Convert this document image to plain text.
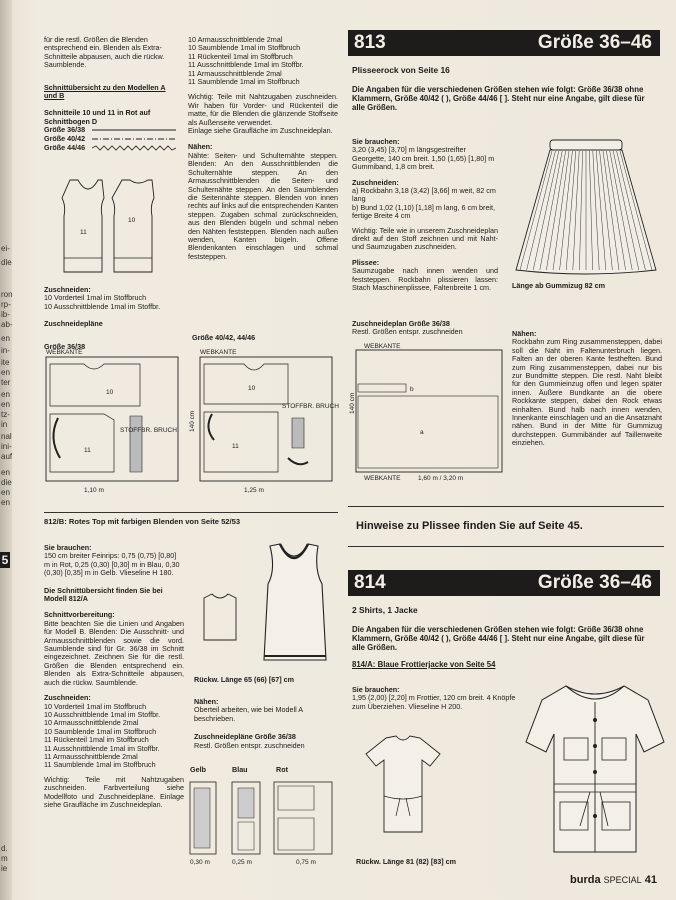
ei-
dle
ron
rp-
ib-
ab-
en
in-
ite
en
ter
en
en
tz-
in
nal
ini-
auf
en
die
en
en
d.
m
ie
5

für die restl. Größen die Blenden entsprechend ein. Blenden als Extra-Schnitteile abpausen, auch die rückw. Saumblende.

Schnittübersicht zu den Modellen A und B

Schnitteile 10 und 11 in Rot auf Schnittbogen D

Größe 36/38
Größe 40/42
Größe 44/46
11
10

Zuschneiden:

10 Vorderteil 1mal im Stoffbruch

10 Ausschnittblende 1mal im Stoffbr.

Zuschneidepläne

Größe 36/38

WEBKANTE
10
11
STOFFBR. BRUCH
1,10 m
Größe 40/42, 44/46
WEBKANTE
10
11
STOFFBR. BRUCH
140 cm
1,25 m

10 Armausschnittblende 2mal

10 Saumblende 1mal im Stoffbruch

11 Rückenteil 1mal im Stoffbruch

11 Ausschnittblende 1mal im Stoffbr.

11 Armausschnittblende 2mal

11 Saumblende 1mal im Stoffbruch

Wichtig: Teile mit Nahtzugaben zuschneiden. Wir haben für Vorder- und Rückenteil die matte, für die Blenden die glänzende Stoffseite als Außenseite verwendet.

Einlage siehe Graufläche im Zuschneideplan.

Nähen:

Nähte: Seiten- und Schulternähte steppen. Blenden: An den Ausschnittblenden die Schulternähte steppen. An den Armausschnittblenden die Seiten- und Schulternähte steppen. An den Saumblenden die Seitennähte steppen. Blenden von innen rechts auf links auf die entsprechenden Kanten steppen. Zugaben schmal zurückschneiden, aus den Blenden bügeln und schmal neben den Nähten feststeppen. Blenden nach außen wenden, Kanten bügeln. Offene Blendenkanten einschlagen und schmal feststeppen.

812/B: Rotes Top mit farbigen Blenden von Seite 52/53

Sie brauchen:

150 cm breiter Feinrips: 0,75 (0,75) [0,80] m in Rot, 0,25 (0,30) [0,30] m in Blau, 0,30 (0,30) [0,35] m in Gelb. Vlieseline H 180.

Die Schnittübersicht finden Sie bei Modell 812/A

Schnittvorbereitung:

Bitte beachten Sie die Linien und Angaben für Modell B. Blenden: Die Ausschnitt- und Armausschnittblenden sowie die vord. Saumblende sind für Gr. 36/38 im Schnitt eingezeichnet. Zeichnen Sie für die restl. Größen die Blenden entsprechend ein. Blenden als Extra-Schnitteile abpausen, auch die rückw. Saumblende.

Zuschneiden:

10 Vorderteil 1mal im Stoffbruch

10 Ausschnittblende 1mal im Stoffbr.

10 Armausschnittblende 2mal

10 Saumblende 1mal im Stoffbruch

11 Rückenteil 1mal im Stoffbruch

11 Ausschnittblende 1mal im Stoffbr.

11 Armausschnittblende 2mal

11 Saumblende 1mal im Stoffbruch

Wichtig: Teile mit Nahtzugaben zuschneiden. Farbverteilung siehe Modellfoto und Zuschneidepläne. Einlage siehe Graufläche im Zuschneideplan.

Rückw. Länge 65 (66) [67] cm

Nähen:

Oberteil arbeiten, wie bei Modell A beschrieben.

Zuschneidepläne Größe 36/38

Restl. Größen entspr. zuschneiden

Gelb	Blau	Rot
0,30 m	0,25 m	0,75 m
813	Größe 36–46

Plisseerock von Seite 16

Die Angaben für die verschiedenen Größen stehen wie folgt: Größe 36/38 ohne Klammern, Größe 40/42 ( ), Größe 44/46 [ ]. Steht nur eine Angabe, gilt diese für alle Größen.

Sie brauchen:

3,20 (3,45) [3,70] m längsgestreifter Georgette, 140 cm breit. 1,50 (1,65) [1,80] m Gummiband, 1,8 cm breit.

Zuschneiden:

a) Rockbahn 3,18 (3,42) [3,66] m weit, 82 cm lang

b) Bund 1,02 (1,10) [1,18] m lang, 6 cm breit, fertige Breite 4 cm

Wichtig: Teile wie in unserem Zuschneideplan direkt auf den Stoff zeichnen und mit Naht- und Saumzugaben zuschneiden.

Plissee:

Saumzugabe nach innen wenden und feststeppen. Rockbahn plissieren lassen: Stach Maschinenplissee, Faltenbreite 1 cm.	Länge ab Gummizug 82 cm

Zuschneideplan Größe 36/38

Restl. Größen entspr. zuschneiden

WEBKANTE
b
a
140 cm
WEBKANTE	1,60 m / 3,20 m

Nähen:

Rockbahn zum Ring zusammensteppen, dabei soll die Naht im Faltenunterbruch liegen. Falten an der oberen Kante festheften. Bund zum Ring zusammensteppen, dabei nur bis zur Bundmitte steppen. Die restl. Naht bleibt für den Gummieinzug offen und legen später innen. Äußere Bundkante an die obere Rockkante steppen, dabei den Rock etwas einhalten. Bund halb nach innen wenden, Innenkante einschlagen und an die Ansatznaht nähen. Bund in der Mitte für Gummizug durchsteppen. Gummibänder auf Taillenweite einziehen.

Hinweise zu Plissee finden Sie auf Seite 45.
814	Größe 36–46

2 Shirts, 1 Jacke

Die Angaben für die verschiedenen Größen stehen wie folgt: Größe 36/38 ohne Klammern, Größe 40/42 ( ), Größe 44/46 [ ]. Steht nur eine Angabe, gilt diese für alle Größen.

814/A: Blaue Frottierjacke von Seite 54

Sie brauchen:

1,95 (2,00) [2,20] m Frottier, 120 cm breit. 4 Knöpfe zum Überziehen. Vlieseline H 200.

Rückw. Länge 81 (82) [83] cm
burda SPECIAL 41
